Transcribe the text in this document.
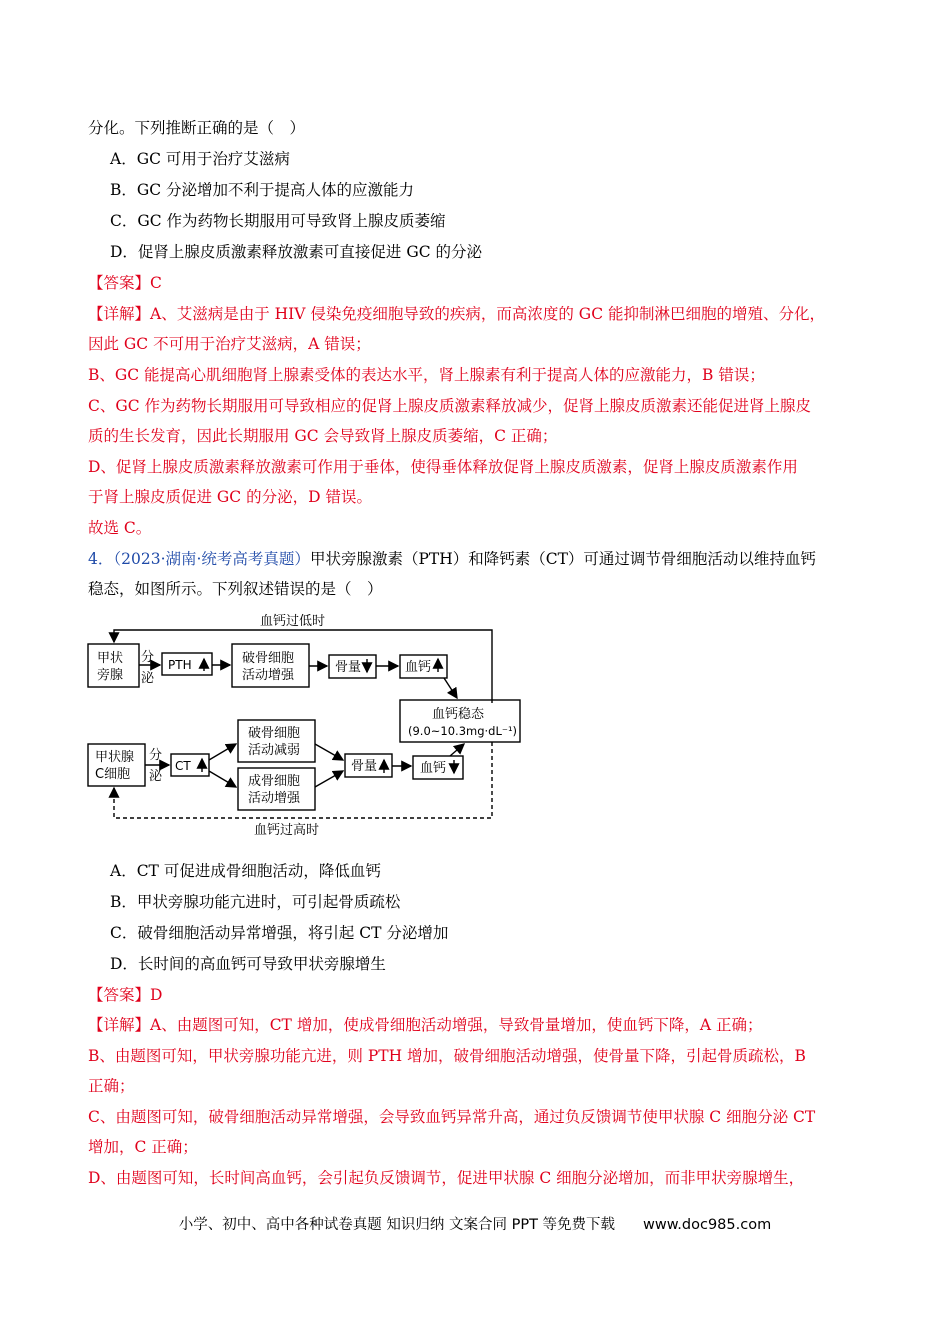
分化。下列推断正确的是（　）
A．GC 可用于治疗艾滋病
B．GC 分泌增加不利于提高人体的应激能力
C．GC 作为药物长期服用可导致肾上腺皮质萎缩
D．促肾上腺皮质激素释放激素可直接促进 GC 的分泌
【答案】C
【详解】A、艾滋病是由于 HIV 侵染免疫细胞导致的疾病，而高浓度的 GC 能抑制淋巴细胞的增殖、分化，
因此 GC 不可用于治疗艾滋病，A 错误；
B、GC 能提高心肌细胞肾上腺素受体的表达水平，肾上腺素有利于提高人体的应激能力，B 错误；
C、GC 作为药物长期服用可导致相应的促肾上腺皮质激素释放减少，促肾上腺皮质激素还能促进肾上腺皮
质的生长发育，因此长期服用 GC 会导致肾上腺皮质萎缩，C 正确；
D、促肾上腺皮质激素释放激素可作用于垂体，使得垂体释放促肾上腺皮质激素，促肾上腺皮质激素作用
于肾上腺皮质促进 GC 的分泌，D 错误。
故选 C。
4．（2023·湖南·统考高考真题）甲状旁腺激素（PTH）和降钙素（CT）可通过调节骨细胞活动以维持血钙
稳态，如图所示。下列叙述错误的是（　）
血钙过低时
甲状
旁腺
分
泌
PTH	破骨细胞
活动增强
骨量	血钙
血钙稳态
(9.0~10.3mg·dL⁻¹)
甲状腺
C细胞
分
泌
CT
破骨细胞
活动减弱
成骨细胞
活动增强
骨量	血钙
血钙过高时
A．CT 可促进成骨细胞活动，降低血钙
B．甲状旁腺功能亢进时，可引起骨质疏松
C．破骨细胞活动异常增强，将引起 CT 分泌增加
D．长时间的高血钙可导致甲状旁腺增生
【答案】D
【详解】A、由题图可知，CT 增加，使成骨细胞活动增强，导致骨量增加，使血钙下降，A 正确；
B、由题图可知，甲状旁腺功能亢进，则 PTH 增加，破骨细胞活动增强，使骨量下降，引起骨质疏松，B
正确；
C、由题图可知，破骨细胞活动异常增强，会导致血钙异常升高，通过负反馈调节使甲状腺 C 细胞分泌 CT
增加，C 正确；
D、由题图可知，长时间高血钙，会引起负反馈调节，促进甲状腺 C 细胞分泌增加，而非甲状旁腺增生，
小学、初中、高中各种试卷真题 知识归纳 文案合同 PPT 等免费下载 www.doc985.com
